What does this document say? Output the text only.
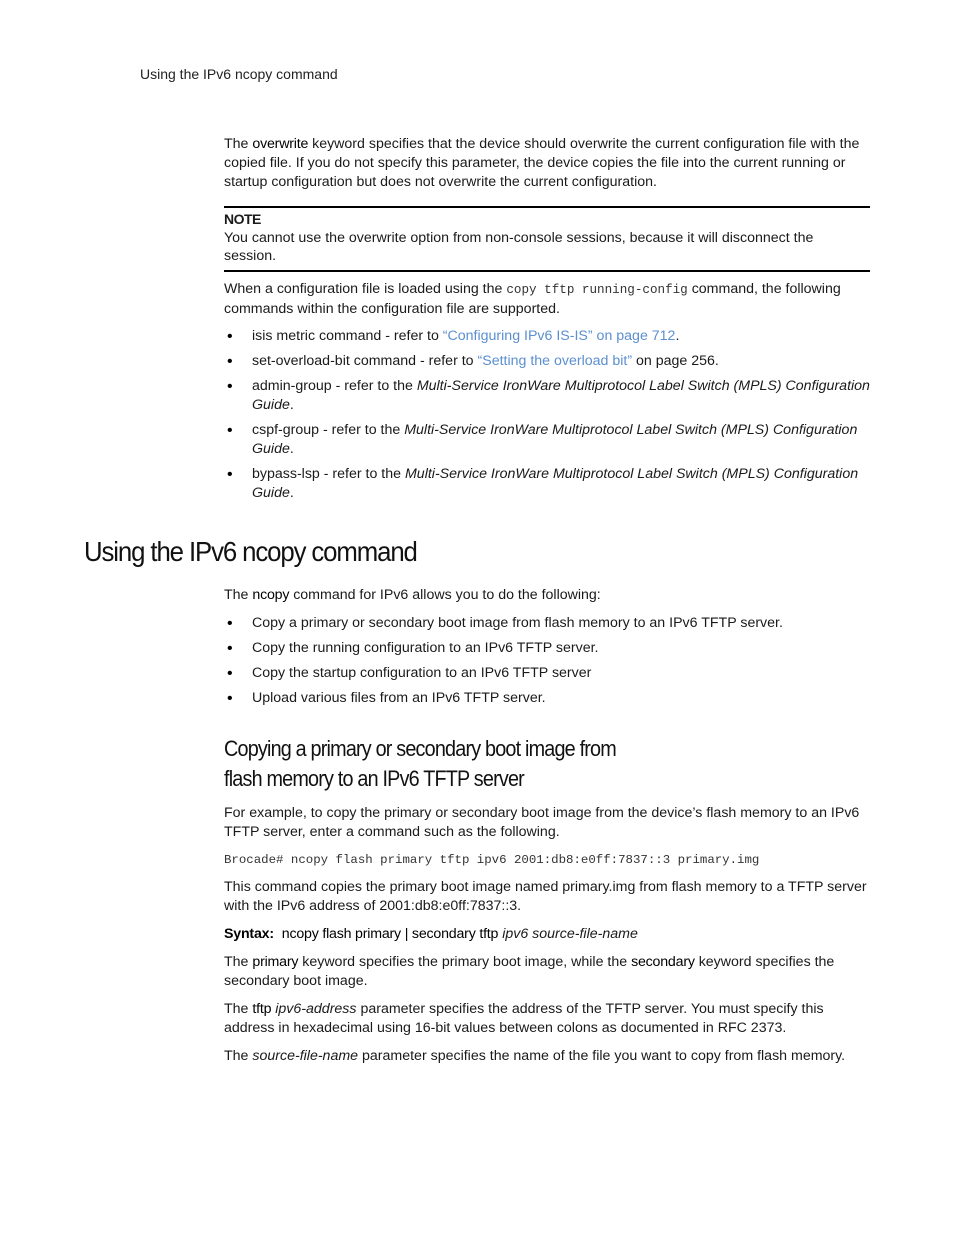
Using the IPv6 ncopy command

The overwrite keyword specifies that the device should overwrite the current configuration file with the copied file. If you do not specify this parameter, the device copies the file into the current running or startup configuration but does not overwrite the current configuration.

NOTE
You cannot use the overwrite option from non-console sessions, because it will disconnect the session.

When a configuration file is loaded using the copy tftp running-config command, the following commands within the configuration file are supported.

• isis metric command - refer to “Configuring IPv6 IS-IS” on page 712.
• set-overload-bit command - refer to “Setting the overload bit” on page 256.
• admin-group - refer to the Multi-Service IronWare Multiprotocol Label Switch (MPLS) Configuration Guide.
• cspf-group - refer to the Multi-Service IronWare Multiprotocol Label Switch (MPLS) Configuration Guide.
• bypass-lsp - refer to the Multi-Service IronWare Multiprotocol Label Switch (MPLS) Configuration Guide.
Using the IPv6 ncopy command

The ncopy command for IPv6 allows you to do the following:

• Copy a primary or secondary boot image from flash memory to an IPv6 TFTP server.
• Copy the running configuration to an IPv6 TFTP server.
• Copy the startup configuration to an IPv6 TFTP server
• Upload various files from an IPv6 TFTP server.
Copying a primary or secondary boot image from
flash memory to an IPv6 TFTP server

For example, to copy the primary or secondary boot image from the device’s flash memory to an IPv6 TFTP server, enter a command such as the following.

Brocade# ncopy flash primary tftp ipv6 2001:db8:e0ff:7837::3 primary.img

This command copies the primary boot image named primary.img from flash memory to a TFTP server with the IPv6 address of 2001:db8:e0ff:7837::3.

Syntax: ncopy flash primary | secondary tftp ipv6 source-file-name

The primary keyword specifies the primary boot image, while the secondary keyword specifies the secondary boot image.

The tftp ipv6-address parameter specifies the address of the TFTP server. You must specify this address in hexadecimal using 16-bit values between colons as documented in RFC 2373.

The source-file-name parameter specifies the name of the file you want to copy from flash memory.
